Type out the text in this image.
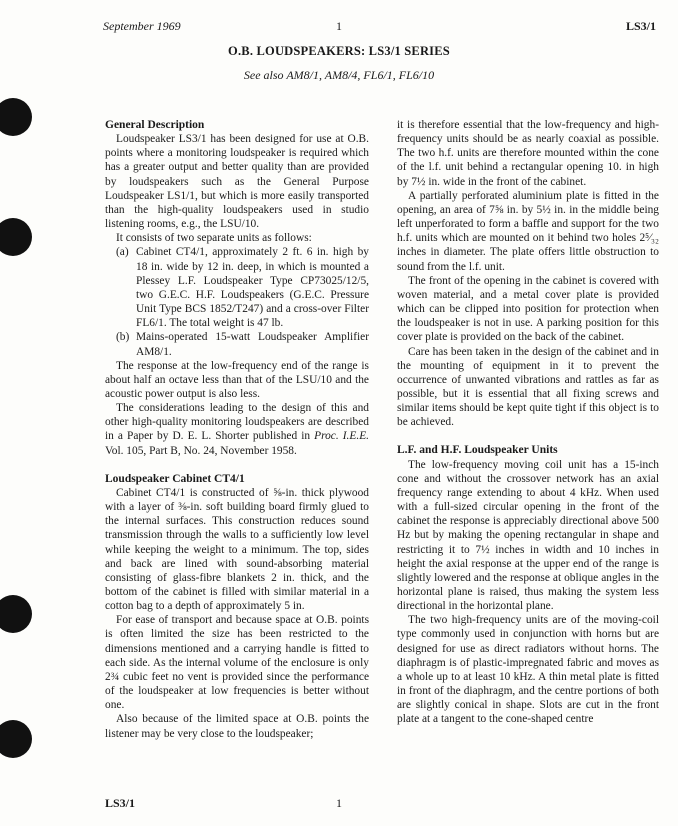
September 1969	1	LS3/1
O.B. LOUDSPEAKERS: LS3/1 SERIES
See also AM8/1, AM8/4, FL6/1, FL6/10
General Description

Loudspeaker LS3/1 has been designed for use at O.B. points where a monitoring loudspeaker is required which has a greater output and better quality than are provided by loudspeakers such as the General Purpose Loudspeaker LS1/1, but which is more easily transported than the high-quality loudspeakers used in studio listening rooms, e.g., the LSU/10.

It consists of two separate units as follows:

(a) Cabinet CT4/1, approximately 2 ft. 6 in. high by 18 in. wide by 12 in. deep, in which is mounted a Plessey L.F. Loudspeaker Type CP73025/12/5, two G.E.C. H.F. Loudspeakers (G.E.C. Pressure Unit Type BCS 1852/T247) and a cross-over Filter FL6/1. The total weight is 47 lb.
(b) Mains-operated 15-watt Loudspeaker Amplifier AM8/1.

The response at the low-frequency end of the range is about half an octave less than that of the LSU/10 and the acoustic power output is also less.

The considerations leading to the design of this and other high-quality monitoring loudspeakers are described in a Paper by D. E. L. Shorter published in Proc. I.E.E. Vol. 105, Part B, No. 24, November 1958.

Loudspeaker Cabinet CT4/1

Cabinet CT4/1 is constructed of ⅝-in. thick plywood with a layer of ⅜-in. soft building board firmly glued to the internal surfaces. This construction reduces sound transmission through the walls to a sufficiently low level while keeping the weight to a minimum. The top, sides and back are lined with sound-absorbing material consisting of glass-fibre blankets 2 in. thick, and the bottom of the cabinet is filled with similar material in a cotton bag to a depth of approximately 5 in.

For ease of transport and because space at O.B. points is often limited the size has been restricted to the dimensions mentioned and a carrying handle is fitted to each side. As the internal volume of the enclosure is only 2¾ cubic feet no vent is provided since the performance of the loudspeaker at low frequencies is better without one.

Also because of the limited space at O.B. points the listener may be very close to the loudspeaker;

it is therefore essential that the low-frequency and high-frequency units should be as nearly coaxial as possible. The two h.f. units are therefore mounted within the cone of the l.f. unit behind a rectangular opening 10. in high by 7½ in. wide in the front of the cabinet.

A partially perforated aluminium plate is fitted in the opening, an area of 7⅝ in. by 5½ in. in the middle being left unperforated to form a baffle and support for the two h.f. units which are mounted on it behind two holes 2⁵⁄₃₂ inches in diameter. The plate offers little obstruction to sound from the l.f. unit.

The front of the opening in the cabinet is covered with woven material, and a metal cover plate is provided which can be clipped into position for protection when the loudspeaker is not in use. A parking position for this cover plate is provided on the back of the cabinet.

Care has been taken in the design of the cabinet and in the mounting of equipment in it to prevent the occurrence of unwanted vibrations and rattles as far as possible, but it is essential that all fixing screws and similar items should be kept quite tight if this object is to be achieved.

L.F. and H.F. Loudspeaker Units

The low-frequency moving coil unit has a 15-inch cone and without the crossover network has an axial frequency range extending to about 4 kHz. When used with a full-sized circular opening in the front of the cabinet the response is appreciably directional above 500 Hz but by making the opening rectangular in shape and restricting it to 7½ inches in width and 10 inches in height the axial response at the upper end of the range is slightly lowered and the response at oblique angles in the horizontal plane is raised, thus making the system less directional in the horizontal plane.

The two high-frequency units are of the moving-coil type commonly used in conjunction with horns but are designed for use as direct radiators without horns. The diaphragm is of plastic-impregnated fabric and moves as a whole up to at least 10 kHz. A thin metal plate is fitted in front of the diaphragm, and the centre portions of both are slightly conical in shape. Slots are cut in the front plate at a tangent to the cone-shaped centre

LS3/1	1
